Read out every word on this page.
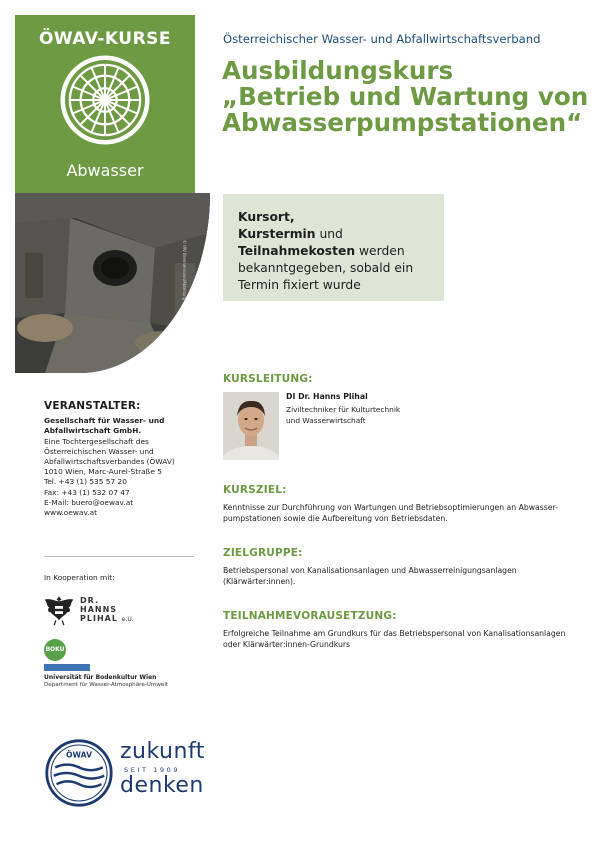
ÖWAV-KURSE
Abwasser
© IRV Brennenvann/Abteilung
VERANSTALTER:
Gesellschaft für Wasser- und
Abfallwirtschaft GmbH.
Eine Tochtergesellschaft des
Österreichischen Wasser- und
Abfallwirtschaftsverbandes (ÖWAV)
1010 Wien, Marc-Aurel-Straße 5
Tel. +43 (1) 535 57 20
Fax: +43 (1) 532 07 47
E-Mail: buero@oewav.at
www.oewav.at
In Kooperation mit:
DR.
HANNS
PLIHAL e.U.
BOKU
Universität für Bodenkultur Wien
Department für Wasser-Atmosphäre-Umwelt
ÖWAV zukunft
SEIT 1909
denken
Österreichischer Wasser- und Abfallwirtschaftsverband
Ausbildungskurs
„Betrieb und Wartung von
Abwasserpumpstationen“
Kursort,
Kurstermin und
Teilnahmekosten werden bekanntgegeben, sobald ein Termin fixiert wurde
KURSLEITUNG:
DI Dr. Hanns Plihal
Ziviltechniker für Kulturtechnik
und Wasserwirtschaft
KURSZIEL:
Kenntnisse zur Durchführung von Wartungen und Betriebsoptimierungen an Abwasser-pumpstationen sowie die Aufbereitung von Betriebsdaten.
ZIELGRUPPE:
Betriebspersonal von Kanalisationsanlagen und Abwasserreinigungsanlagen (Klärwärter:innen).
TEILNAHMEVORAUSETZUNG:
Erfolgreiche Teilnahme am Grundkurs für das Betriebspersonal von Kanalisationsanlagen oder Klärwärter:innen-Grundkurs
